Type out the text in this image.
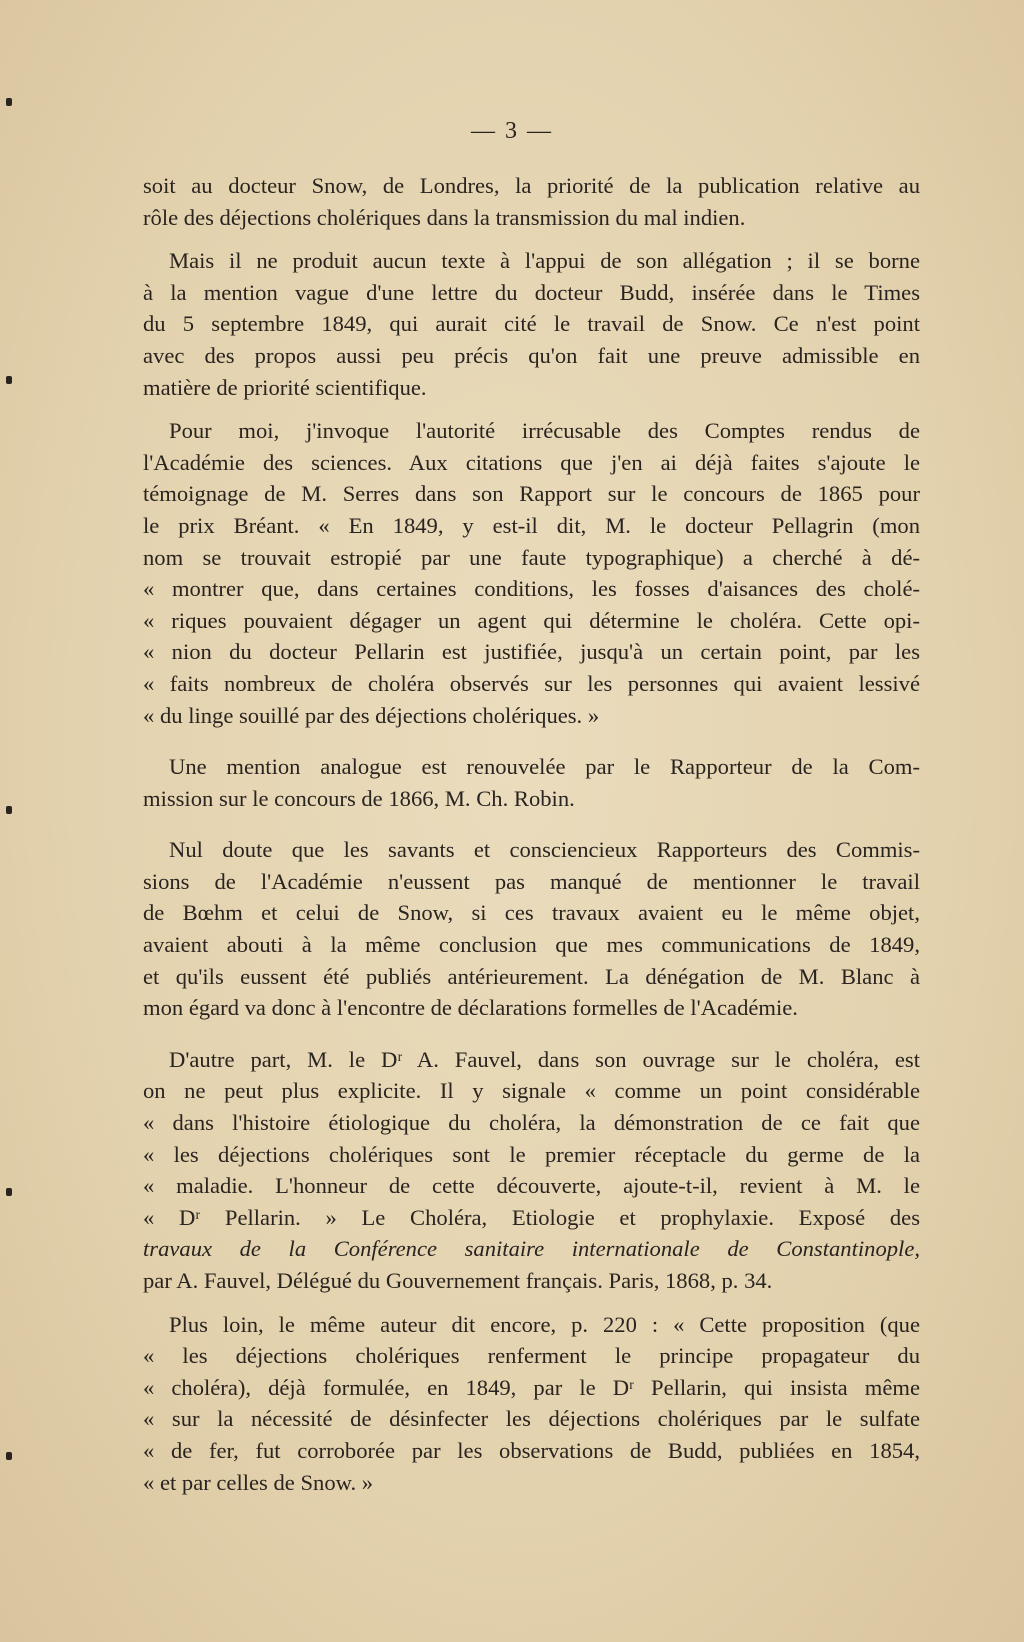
— 3 —

soit au docteur Snow, de Londres, la priorité de la publication relative au
rôle des déjections cholériques dans la transmission du mal indien.

Mais il ne produit aucun texte à l'appui de son allégation ; il se borne
à la mention vague d'une lettre du docteur Budd, insérée dans le Times
du 5 septembre 1849, qui aurait cité le travail de Snow. Ce n'est point
avec des propos aussi peu précis qu'on fait une preuve admissible en
matière de priorité scientifique.

Pour moi, j'invoque l'autorité irrécusable des Comptes rendus de
l'Académie des sciences. Aux citations que j'en ai déjà faites s'ajoute le
témoignage de M. Serres dans son Rapport sur le concours de 1865 pour
le prix Bréant. « En 1849, y est-il dit, M. le docteur Pellagrin (mon
nom se trouvait estropié par une faute typographique) a cherché à dé-
« montrer que, dans certaines conditions, les fosses d'aisances des cholé-
« riques pouvaient dégager un agent qui détermine le choléra. Cette opi-
« nion du docteur Pellarin est justifiée, jusqu'à un certain point, par les
« faits nombreux de choléra observés sur les personnes qui avaient lessivé
« du linge souillé par des déjections cholériques. »

Une mention analogue est renouvelée par le Rapporteur de la Com-
mission sur le concours de 1866, M. Ch. Robin.

Nul doute que les savants et consciencieux Rapporteurs des Commis-
sions de l'Académie n'eussent pas manqué de mentionner le travail
de Bœhm et celui de Snow, si ces travaux avaient eu le même objet,
avaient abouti à la même conclusion que mes communications de 1849,
et qu'ils eussent été publiés antérieurement. La dénégation de M. Blanc à
mon égard va donc à l'encontre de déclarations formelles de l'Académie.

D'autre part, M. le Dʳ A. Fauvel, dans son ouvrage sur le choléra, est
on ne peut plus explicite. Il y signale « comme un point considérable
« dans l'histoire étiologique du choléra, la démonstration de ce fait que
« les déjections cholériques sont le premier réceptacle du germe de la
« maladie. L'honneur de cette découverte, ajoute-t-il, revient à M. le
« Dʳ Pellarin. » Le Choléra, Etiologie et prophylaxie. Exposé des
travaux de la Conférence sanitaire internationale de Constantinople,
par A. Fauvel, Délégué du Gouvernement français. Paris, 1868, p. 34.

Plus loin, le même auteur dit encore, p. 220 : « Cette proposition (que
« les déjections cholériques renferment le principe propagateur du
« choléra), déjà formulée, en 1849, par le Dʳ Pellarin, qui insista même
« sur la nécessité de désinfecter les déjections cholériques par le sulfate
« de fer, fut corroborée par les observations de Budd, publiées en 1854,
« et par celles de Snow. »
